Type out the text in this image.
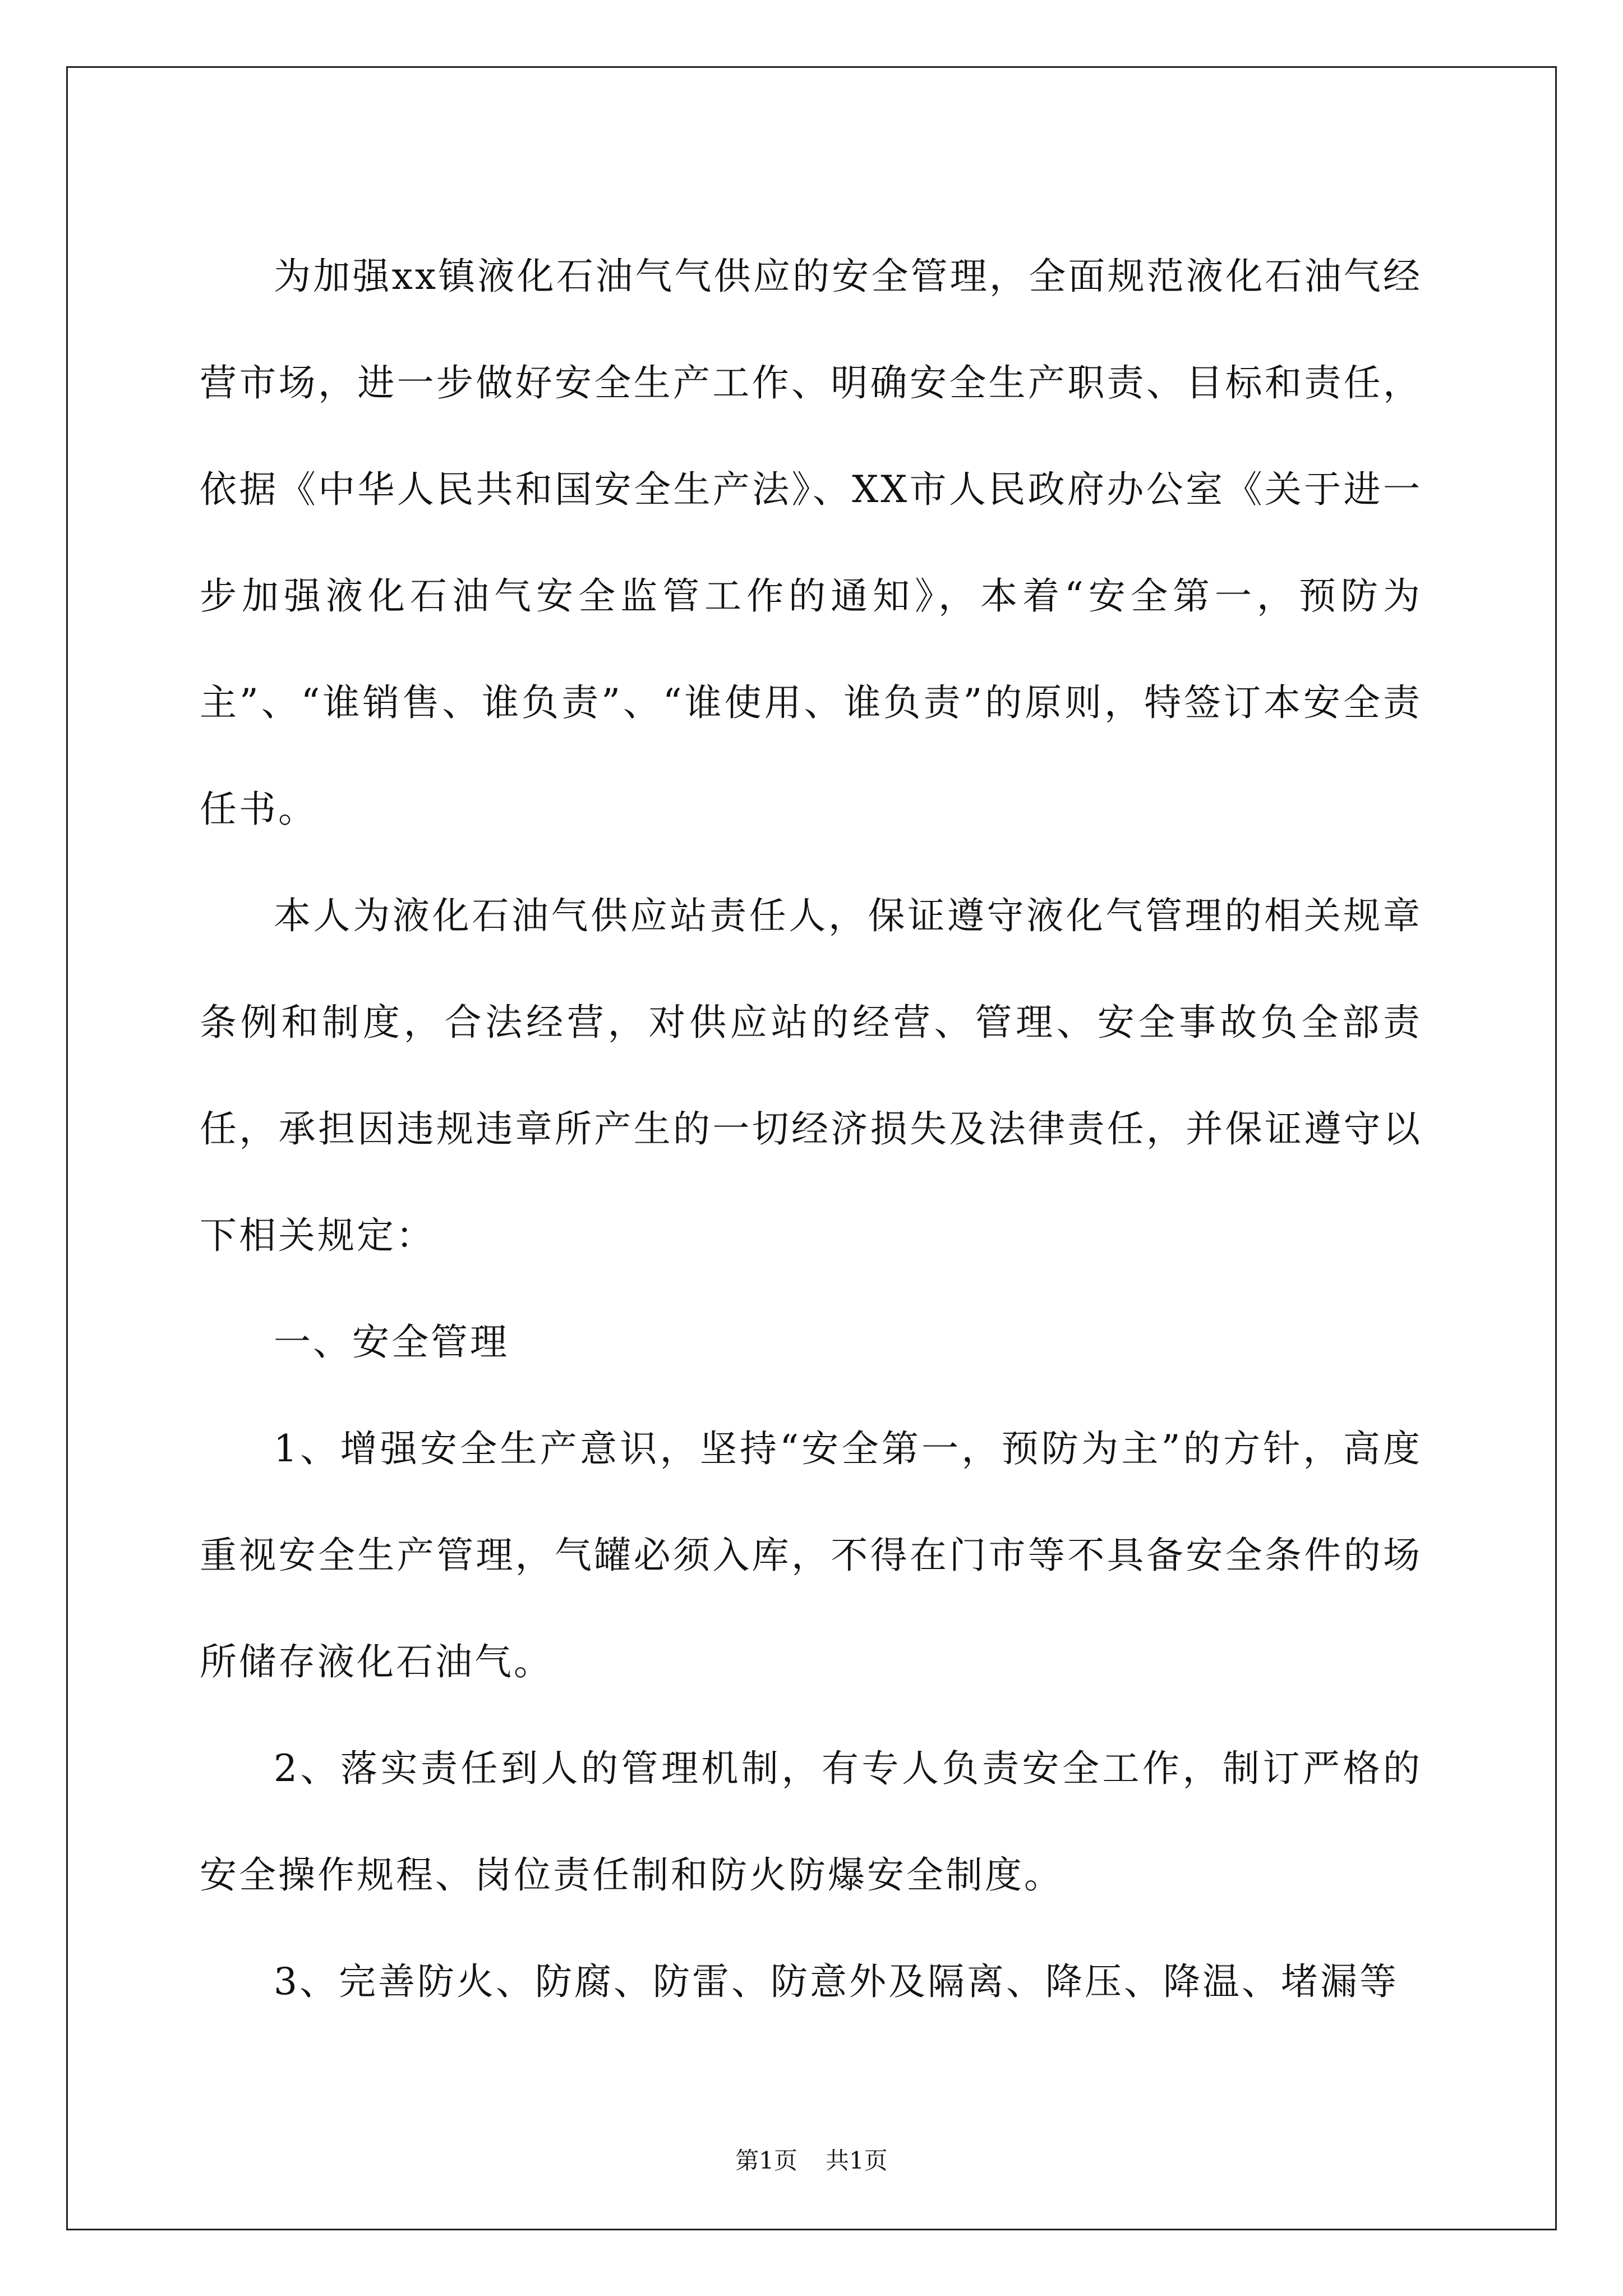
为加强xx镇液化石油气气供应的安全管理，全面规范液化石油气经营市场，进一步做好安全生产工作、明确安全生产职责、目标和责任，依据《中华人民共和国安全生产法》、XX市人民政府办公室《关于进一步加强液化石油气安全监管工作的通知》，本着“安全第一，预防为主”、“谁销售、谁负责”、“谁使用、谁负责”的原则，特签订本安全责任书。

本人为液化石油气供应站责任人，保证遵守液化气管理的相关规章条例和制度，合法经营，对供应站的经营、管理、安全事故负全部责任，承担因违规违章所产生的一切经济损失及法律责任，并保证遵守以下相关规定：

一、安全管理

1、增强安全生产意识，坚持“安全第一，预防为主”的方针，高度重视安全生产管理，气罐必须入库，不得在门市等不具备安全条件的场所储存液化石油气。

2、落实责任到人的管理机制，有专人负责安全工作，制订严格的安全操作规程、岗位责任制和防火防爆安全制度。

3、完善防火、防腐、防雷、防意外及隔离、降压、降温、堵漏等

第1页 共1页
